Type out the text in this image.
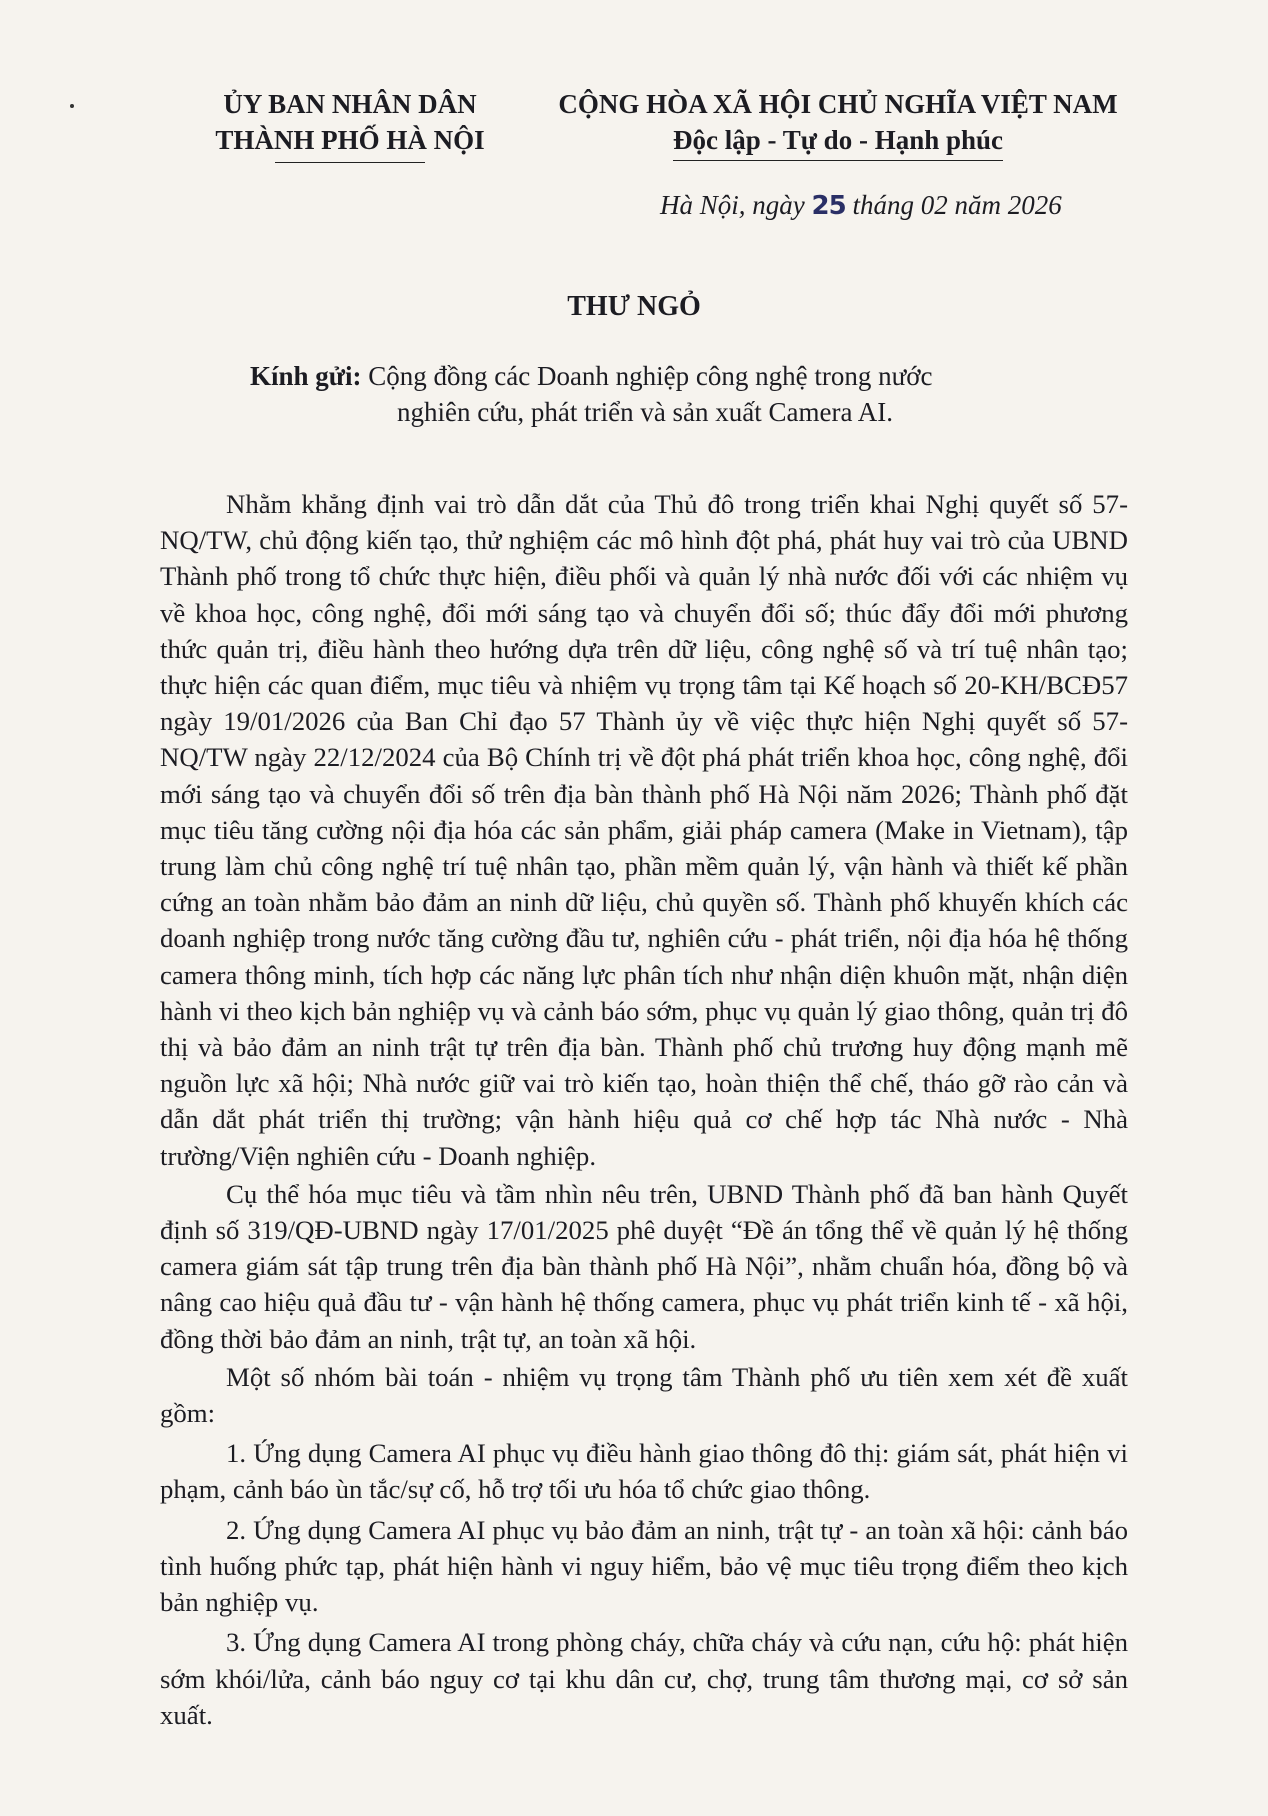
ỦY BAN NHÂN DÂN
THÀNH PHỐ HÀ NỘI
CỘNG HÒA XÃ HỘI CHỦ NGHĨA VIỆT NAM
Độc lập - Tự do - Hạnh phúc
Hà Nội, ngày 25 tháng 02 năm 2026
THƯ NGỎ
Kính gửi: Cộng đồng các Doanh nghiệp công nghệ trong nước
nghiên cứu, phát triển và sản xuất Camera AI.

Nhằm khẳng định vai trò dẫn dắt của Thủ đô trong triển khai Nghị quyết số 57-NQ/TW, chủ động kiến tạo, thử nghiệm các mô hình đột phá, phát huy vai trò của UBND Thành phố trong tổ chức thực hiện, điều phối và quản lý nhà nước đối với các nhiệm vụ về khoa học, công nghệ, đổi mới sáng tạo và chuyển đổi số; thúc đẩy đổi mới phương thức quản trị, điều hành theo hướng dựa trên dữ liệu, công nghệ số và trí tuệ nhân tạo; thực hiện các quan điểm, mục tiêu và nhiệm vụ trọng tâm tại Kế hoạch số 20-KH/BCĐ57 ngày 19/01/2026 của Ban Chỉ đạo 57 Thành ủy về việc thực hiện Nghị quyết số 57-NQ/TW ngày 22/12/2024 của Bộ Chính trị về đột phá phát triển khoa học, công nghệ, đổi mới sáng tạo và chuyển đổi số trên địa bàn thành phố Hà Nội năm 2026; Thành phố đặt mục tiêu tăng cường nội địa hóa các sản phẩm, giải pháp camera (Make in Vietnam), tập trung làm chủ công nghệ trí tuệ nhân tạo, phần mềm quản lý, vận hành và thiết kế phần cứng an toàn nhằm bảo đảm an ninh dữ liệu, chủ quyền số. Thành phố khuyến khích các doanh nghiệp trong nước tăng cường đầu tư, nghiên cứu - phát triển, nội địa hóa hệ thống camera thông minh, tích hợp các năng lực phân tích như nhận diện khuôn mặt, nhận diện hành vi theo kịch bản nghiệp vụ và cảnh báo sớm, phục vụ quản lý giao thông, quản trị đô thị và bảo đảm an ninh trật tự trên địa bàn. Thành phố chủ trương huy động mạnh mẽ nguồn lực xã hội; Nhà nước giữ vai trò kiến tạo, hoàn thiện thể chế, tháo gỡ rào cản và dẫn dắt phát triển thị trường; vận hành hiệu quả cơ chế hợp tác Nhà nước - Nhà trường/Viện nghiên cứu - Doanh nghiệp.

Cụ thể hóa mục tiêu và tầm nhìn nêu trên, UBND Thành phố đã ban hành Quyết định số 319/QĐ-UBND ngày 17/01/2025 phê duyệt “Đề án tổng thể về quản lý hệ thống camera giám sát tập trung trên địa bàn thành phố Hà Nội”, nhằm chuẩn hóa, đồng bộ và nâng cao hiệu quả đầu tư - vận hành hệ thống camera, phục vụ phát triển kinh tế - xã hội, đồng thời bảo đảm an ninh, trật tự, an toàn xã hội.

Một số nhóm bài toán - nhiệm vụ trọng tâm Thành phố ưu tiên xem xét đề xuất gồm:

1. Ứng dụng Camera AI phục vụ điều hành giao thông đô thị: giám sát, phát hiện vi phạm, cảnh báo ùn tắc/sự cố, hỗ trợ tối ưu hóa tổ chức giao thông.

2. Ứng dụng Camera AI phục vụ bảo đảm an ninh, trật tự - an toàn xã hội: cảnh báo tình huống phức tạp, phát hiện hành vi nguy hiểm, bảo vệ mục tiêu trọng điểm theo kịch bản nghiệp vụ.

3. Ứng dụng Camera AI trong phòng cháy, chữa cháy và cứu nạn, cứu hộ: phát hiện sớm khói/lửa, cảnh báo nguy cơ tại khu dân cư, chợ, trung tâm thương mại, cơ sở sản xuất.
